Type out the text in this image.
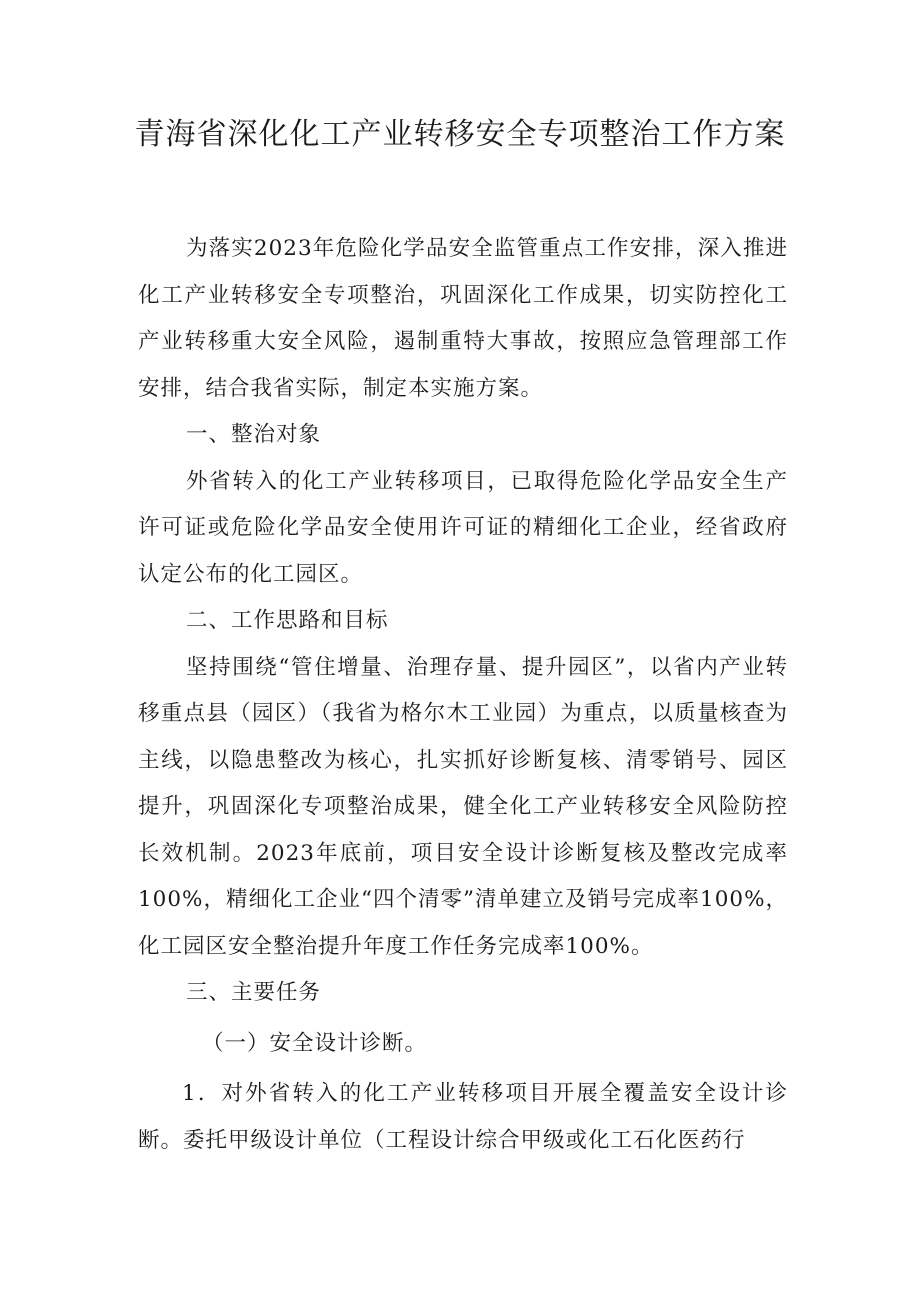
青海省深化化工产业转移安全专项整治工作方案

为落实2023年危险化学品安全监管重点工作安排，深入推进化工产业转移安全专项整治，巩固深化工作成果，切实防控化工产业转移重大安全风险，遏制重特大事故，按照应急管理部工作安排，结合我省实际，制定本实施方案。

一、整治对象

外省转入的化工产业转移项目，已取得危险化学品安全生产许可证或危险化学品安全使用许可证的精细化工企业，经省政府认定公布的化工园区。

二、工作思路和目标

坚持围绕“管住增量、治理存量、提升园区”，以省内产业转移重点县（园区）（我省为格尔木工业园）为重点，以质量核查为主线，以隐患整改为核心，扎实抓好诊断复核、清零销号、园区提升，巩固深化专项整治成果，健全化工产业转移安全风险防控长效机制。2023年底前，项目安全设计诊断复核及整改完成率100%，精细化工企业“四个清零”清单建立及销号完成率100%，化工园区安全整治提升年度工作任务完成率100%。

三、主要任务

（一）安全设计诊断。

1．对外省转入的化工产业转移项目开展全覆盖安全设计诊断。委托甲级设计单位（工程设计综合甲级或化工石化医药行
